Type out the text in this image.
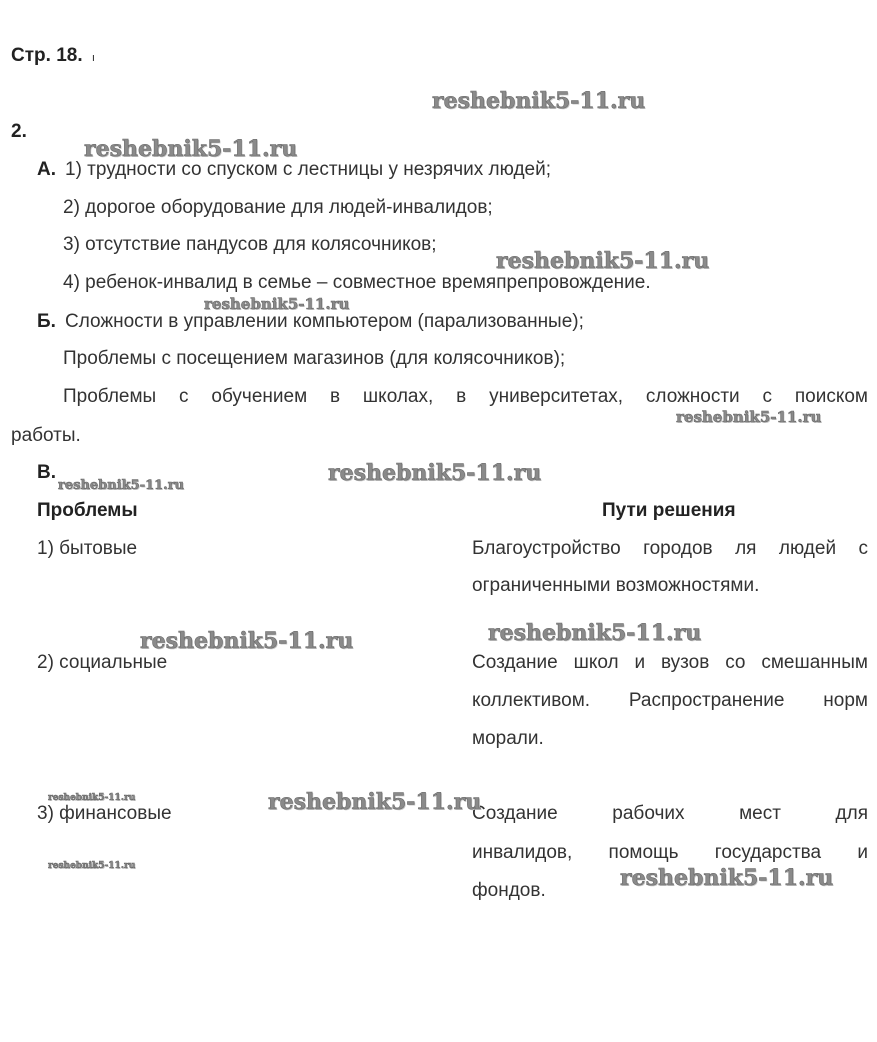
Стр. 18. ı
2.
А. 1) трудности со спуском с лестницы у незрячих людей;
2) дорогое оборудование для людей-инвалидов;
3) отсутствие пандусов для колясочников;
4) ребенок-инвалид в семье – совместное времяпрепровождение.
Б. Сложности в управлении компьютером (парализованные);
Проблемы с посещением магазинов (для колясочников);
Проблемы с обучением в школах, в университетах, сложности с поиском
работы.
В.
Проблемы	Пути решения
1) бытовые	Благоустройство городов ля людей с
ограниченными возможностями.
2) социальные	Создание школ и вузов со смешанным
коллективом. Распространение норм
морали.
3) финансовые	Создание рабочих мест для
инвалидов, помощь государства и
фондов.
reshebnik5-11.ru
reshebnik5-11.ru
reshebnik5-11.ru
reshebnik5-11.ru
reshebnik5-11.ru
reshebnik5-11.ru
reshebnik5-11.ru
reshebnik5-11.ru
reshebnik5-11.ru
reshebnik5-11.ru	reshebnik5-11.ru
reshebnik5-11.ru	reshebnik5-11.ru
